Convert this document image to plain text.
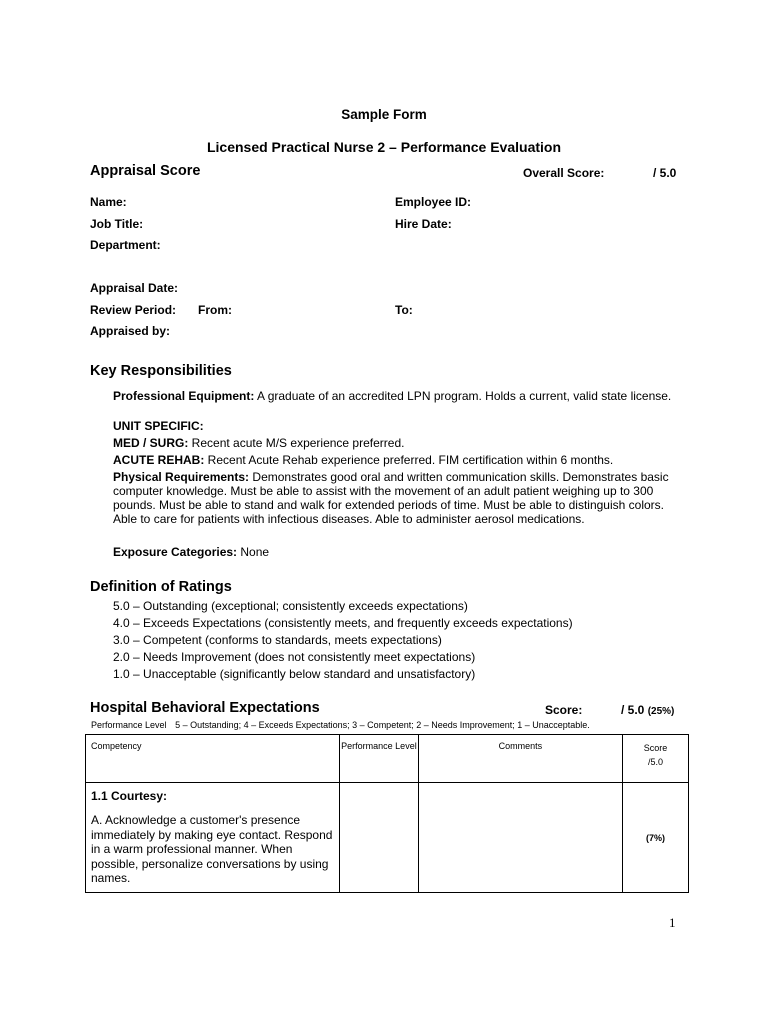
Sample Form
Licensed Practical Nurse 2 – Performance Evaluation
Appraisal Score	Overall Score:	/ 5.0
Name:	Employee ID:
Job Title:	Hire Date:
Department:
Appraisal Date:
Review Period: From:	To:
Appraised by:
Key Responsibilities
Professional Equipment: A graduate of an accredited LPN program. Holds a current, valid state license.
UNIT SPECIFIC:
MED / SURG: Recent acute M/S experience preferred.
ACUTE REHAB: Recent Acute Rehab experience preferred. FIM certification within 6 months.
Physical Requirements: Demonstrates good oral and written communication skills. Demonstrates basic computer knowledge. Must be able to assist with the movement of an adult patient weighing up to 300 pounds. Must be able to stand and walk for extended periods of time. Must be able to distinguish colors. Able to care for patients with infectious diseases. Able to administer aerosol medications.
Exposure Categories: None
Definition of Ratings
5.0 – Outstanding (exceptional; consistently exceeds expectations)
4.0 – Exceeds Expectations (consistently meets, and frequently exceeds expectations)
3.0 – Competent (conforms to standards, meets expectations)
2.0 – Needs Improvement (does not consistently meet expectations)
1.0 – Unacceptable (significantly below standard and unsatisfactory)
Hospital Behavioral Expectations	Score:	/ 5.0 (25%)
Performance Level 5 – Outstanding; 4 – Exceeds Expectations; 3 – Competent; 2 – Needs Improvement; 1 – Unacceptable.
Competency	Performance Level	Comments	Score
/5.0

1.1 Courtesy:
A. Acknowledge a customer's presence immediately by making eye contact. Respond in a warm professional manner. When possible, personalize conversations by using names.			(7%)
1
